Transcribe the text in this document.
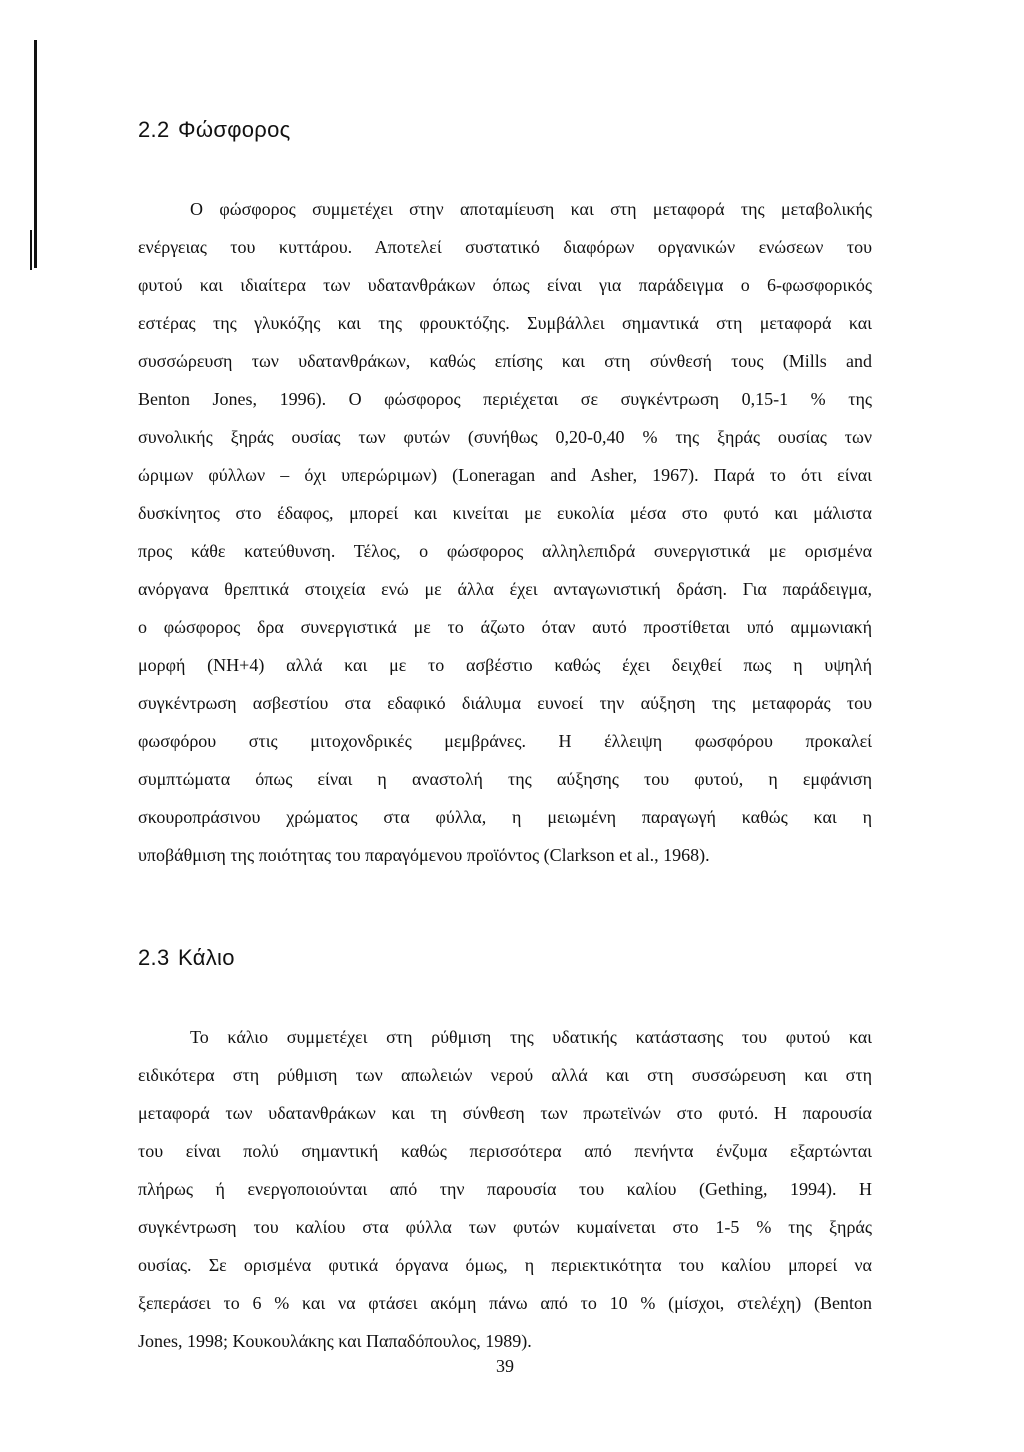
2.2 Φώσφορος
Ο φώσφορος συμμετέχει στην αποταμίευση και στη μεταφορά της μεταβολικής
ενέργειας του κυττάρου. Αποτελεί συστατικό διαφόρων οργανικών ενώσεων του
φυτού και ιδιαίτερα των υδατανθράκων όπως είναι για παράδειγμα ο 6-φωσφορικός
εστέρας της γλυκόζης και της φρουκτόζης. Συμβάλλει σημαντικά στη μεταφορά και
συσσώρευση των υδατανθράκων, καθώς επίσης και στη σύνθεσή τους (Mills and
Benton Jones, 1996). Ο φώσφορος περιέχεται σε συγκέντρωση 0,15-1 % της
συνολικής ξηράς ουσίας των φυτών (συνήθως 0,20-0,40 % της ξηράς ουσίας των
ώριμων φύλλων – όχι υπερώριμων) (Loneragan and Asher, 1967). Παρά το ότι είναι
δυσκίνητος στο έδαφος, μπορεί και κινείται με ευκολία μέσα στο φυτό και μάλιστα
προς κάθε κατεύθυνση. Τέλος, ο φώσφορος αλληλεπιδρά συνεργιστικά με ορισμένα
ανόργανα θρεπτικά στοιχεία ενώ με άλλα έχει ανταγωνιστική δράση. Για παράδειγμα,
ο φώσφορος δρα συνεργιστικά με το άζωτο όταν αυτό προστίθεται υπό αμμωνιακή
μορφή (NH+4) αλλά και με το ασβέστιο καθώς έχει δειχθεί πως η υψηλή
συγκέντρωση ασβεστίου στα εδαφικό διάλυμα ευνοεί την αύξηση της μεταφοράς του
φωσφόρου στις μιτοχονδρικές μεμβράνες. Η έλλειψη φωσφόρου προκαλεί
συμπτώματα όπως είναι η αναστολή της αύξησης του φυτού, η εμφάνιση
σκουροπράσινου χρώματος στα φύλλα, η μειωμένη παραγωγή καθώς και η
υποβάθμιση της ποιότητας του παραγόμενου προϊόντος (Clarkson et al., 1968).
2.3 Κάλιο
Το κάλιο συμμετέχει στη ρύθμιση της υδατικής κατάστασης του φυτού και
ειδικότερα στη ρύθμιση των απωλειών νερού αλλά και στη συσσώρευση και στη
μεταφορά των υδατανθράκων και τη σύνθεση των πρωτεϊνών στο φυτό. Η παρουσία
του είναι πολύ σημαντική καθώς περισσότερα από πενήντα ένζυμα εξαρτώνται
πλήρως ή ενεργοποιούνται από την παρουσία του καλίου (Gething, 1994). Η
συγκέντρωση του καλίου στα φύλλα των φυτών κυμαίνεται στο 1-5 % της ξηράς
ουσίας. Σε ορισμένα φυτικά όργανα όμως, η περιεκτικότητα του καλίου μπορεί να
ξεπεράσει το 6 % και να φτάσει ακόμη πάνω από το 10 % (μίσχοι, στελέχη) (Benton
Jones, 1998; Κουκουλάκης και Παπαδόπουλος, 1989).
39
